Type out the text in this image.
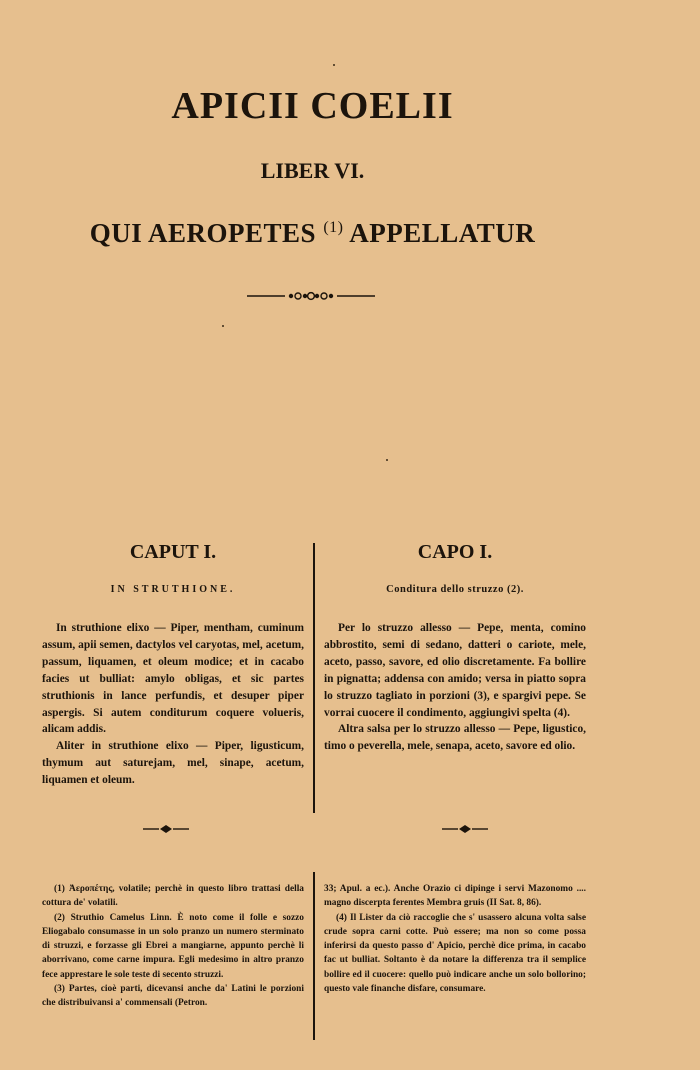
APICII COELII
LIBER VI.
QUI AEROPETES $^{(1)}$ APPELLATUR
CAPUT I.
IN STRUTHIONE.

In struthione elixo — Piper, mentham, cuminum assum, apii semen, dactylos vel caryotas, mel, acetum, passum, liquamen, et oleum modice; et in cacabo facies ut bulliat: amylo obligas, et sic partes struthionis in lance perfundis, et desuper piper aspergis. Si autem conditurum coquere volueris, alicam addis.

Aliter in struthione elixo — Piper, ligusticum, thymum aut saturejam, mel, sinape, acetum, liquamen et oleum.

CAPO I.
Conditura dello struzzo (2).

Per lo struzzo allesso — Pepe, menta, comino abbrostito, semi di sedano, datteri o cariote, mele, aceto, passo, savore, ed olio discretamente. Fa bollire in pignatta; addensa con amido; versa in piatto sopra lo struzzo tagliato in porzioni (3), e spargivi pepe. Se vorrai cuocere il condimento, aggiungivi spelta (4).

Altra salsa per lo struzzo allesso — Pepe, ligustico, timo o peverella, mele, senapa, aceto, savore ed olio.

(1) Ἀεροπέτης, volatile; perchè in questo libro trattasi della cottura de' volatili.

(2) Struthio Camelus Linn. È noto come il folle e sozzo Eliogabalo consumasse in un solo pranzo un numero sterminato di struzzi, e forzasse gli Ebrei a mangiarne, appunto perchè li aborrivano, come carne impura. Egli medesimo in altro pranzo fece apprestare le sole teste di secento struzzi.

(3) Partes, cioè parti, dicevansi anche da' Latini le porzioni che distribuivansi a' commensali (Petron.

33; Apul. a ec.). Anche Orazio ci dipinge i servi Mazonomo .... magno discerpta ferentes Membra gruis (II Sat. 8, 86).

(4) Il Lister da ciò raccoglie che s' usassero alcuna volta salse crude sopra carni cotte. Può essere; ma non so come possa inferirsi da questo passo d' Apicio, perchè dice prima, in cacabo fac ut bulliat. Soltanto è da notare la differenza tra il semplice bollire ed il cuocere: quello può indicare anche un solo bollorino; questo vale finanche disfare, consumare.
